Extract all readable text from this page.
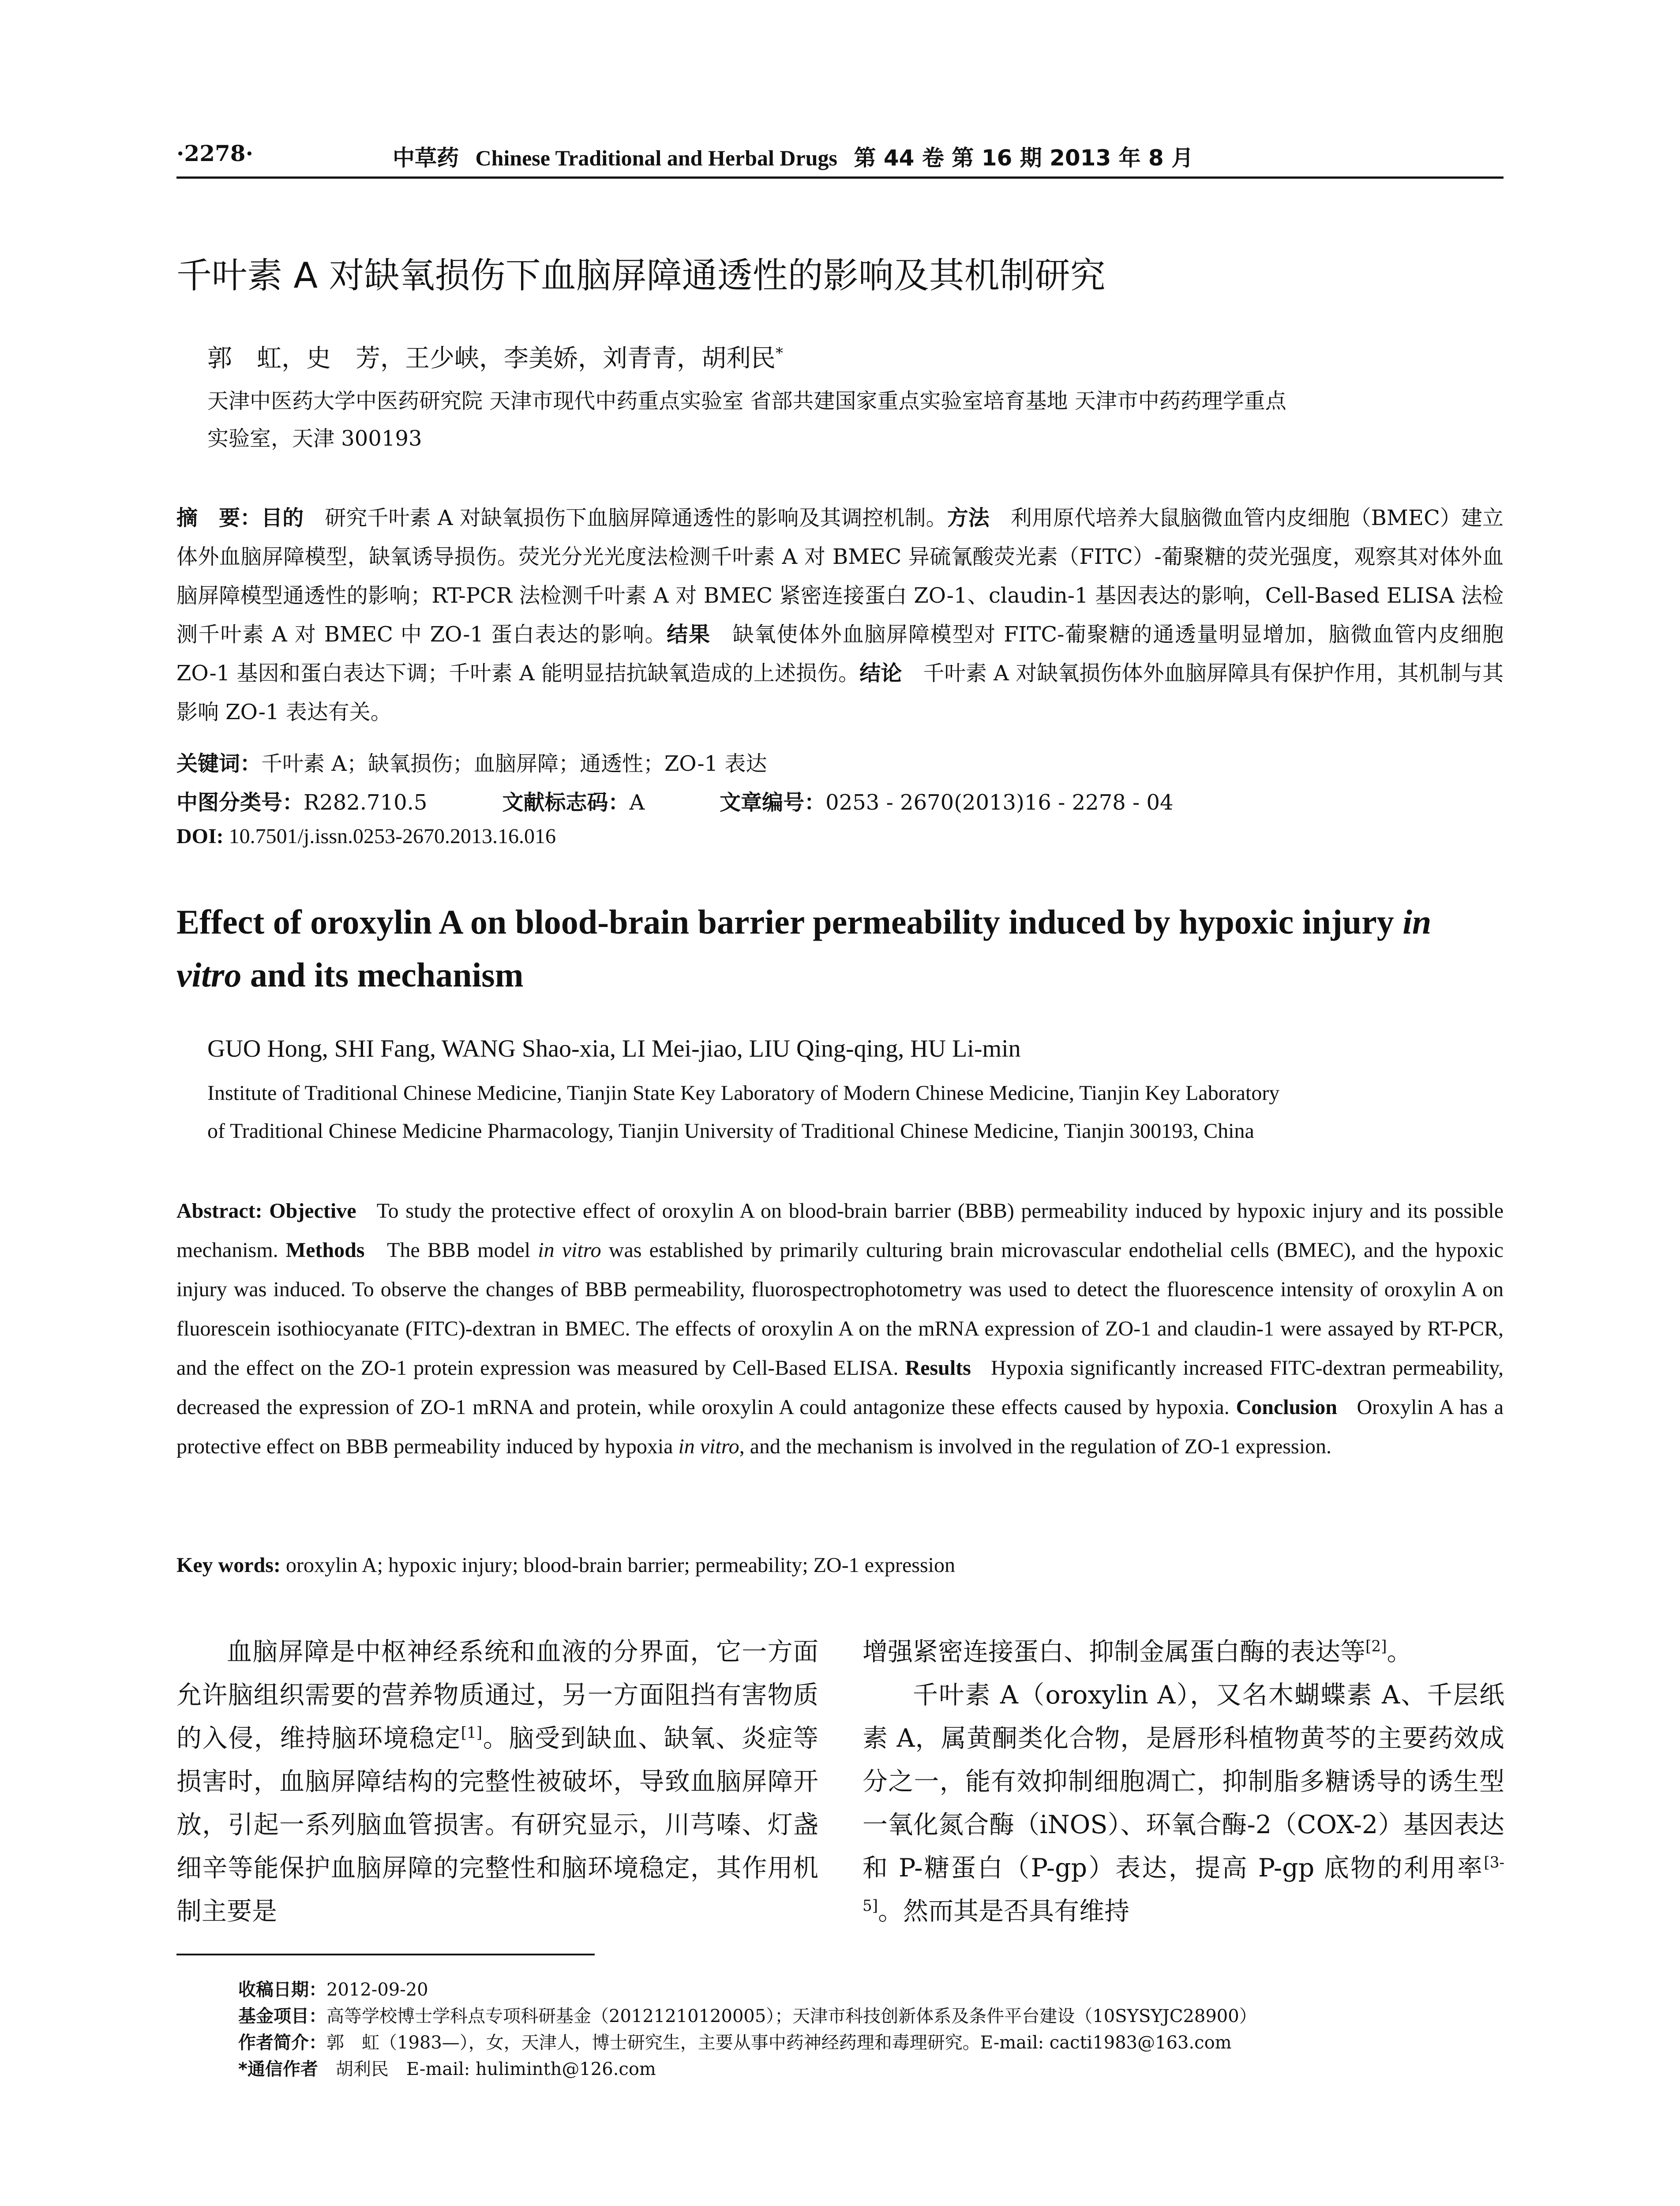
·2278·	中草药 Chinese Traditional and Herbal Drugs 第 44 卷 第 16 期 2013 年 8 月
千叶素 A 对缺氧损伤下血脑屏障通透性的影响及其机制研究
郭　虹，史　芳，王少峡，李美娇，刘青青，胡利民*
天津中医药大学中医药研究院 天津市现代中药重点实验室 省部共建国家重点实验室培育基地 天津市中药药理学重点
实验室，天津 300193
摘　要：目的　 研究千叶素 A 对缺氧损伤下血脑屏障通透性的影响及其调控机制。方法　 利用原代培养大鼠脑微血管内皮细胞（BMEC）建立体外血脑屏障模型，缺氧诱导损伤。荧光分光光度法检测千叶素 A 对 BMEC 异硫氰酸荧光素（FITC）-葡聚糖的荧光强度，观察其对体外血脑屏障模型通透性的影响；RT-PCR 法检测千叶素 A 对 BMEC 紧密连接蛋白 ZO-1、claudin-1 基因表达的影响，Cell-Based ELISA 法检测千叶素 A 对 BMEC 中 ZO-1 蛋白表达的影响。结果　 缺氧使体外血脑屏障模型对 FITC-葡聚糖的通透量明显增加，脑微血管内皮细胞 ZO-1 基因和蛋白表达下调；千叶素 A 能明显拮抗缺氧造成的上述损伤。结论　 千叶素 A 对缺氧损伤体外血脑屏障具有保护作用，其机制与其影响 ZO-1 表达有关。
关键词：千叶素 A；缺氧损伤；血脑屏障；通透性；ZO-1 表达
中图分类号：R282.710.5	文献标志码：A	文章编号：0253 - 2670(2013)16 - 2278 - 04
DOI: 10.7501/j.issn.0253-2670.2013.16.016
Effect of oroxylin A on blood-brain barrier permeability induced by hypoxic injury in vitro and its mechanism
GUO Hong, SHI Fang, WANG Shao-xia, LI Mei-jiao, LIU Qing-qing, HU Li-min
Institute of Traditional Chinese Medicine, Tianjin State Key Laboratory of Modern Chinese Medicine, Tianjin Key Laboratory
of Traditional Chinese Medicine Pharmacology, Tianjin University of Traditional Chinese Medicine, Tianjin 300193, China
Abstract: Objective To study the protective effect of oroxylin A on blood-brain barrier (BBB) permeability induced by hypoxic injury and its possible mechanism. Methods The BBB model in vitro was established by primarily culturing brain microvascular endothelial cells (BMEC), and the hypoxic injury was induced. To observe the changes of BBB permeability, fluorospectrophotometry was used to detect the fluorescence intensity of oroxylin A on fluorescein isothiocyanate (FITC)-dextran in BMEC. The effects of oroxylin A on the mRNA expression of ZO-1 and claudin-1 were assayed by RT-PCR, and the effect on the ZO-1 protein expression was measured by Cell-Based ELISA. Results Hypoxia significantly increased FITC-dextran permeability, decreased the expression of ZO-1 mRNA and protein, while oroxylin A could antagonize these effects caused by hypoxia. Conclusion Oroxylin A has a protective effect on BBB permeability induced by hypoxia in vitro, and the mechanism is involved in the regulation of ZO-1 expression.
Key words: oroxylin A; hypoxic injury; blood-brain barrier; permeability; ZO-1 expression

血脑屏障是中枢神经系统和血液的分界面，它一方面允许脑组织需要的营养物质通过，另一方面阻挡有害物质的入侵，维持脑环境稳定[1]。脑受到缺血、缺氧、炎症等损害时，血脑屏障结构的完整性被破坏，导致血脑屏障开放，引起一系列脑血管损害。有研究显示，川芎嗪、灯盏细辛等能保护血脑屏障的完整性和脑环境稳定，其作用机制主要是

增强紧密连接蛋白、抑制金属蛋白酶的表达等[2]。

千叶素 A（oroxylin A），又名木蝴蝶素 A、千层纸素 A，属黄酮类化合物，是唇形科植物黄芩的主要药效成分之一，能有效抑制细胞凋亡，抑制脂多糖诱导的诱生型一氧化氮合酶（iNOS）、环氧合酶-2（COX-2）基因表达和 P-糖蛋白（P-gp）表达，提高 P-gp 底物的利用率[3-5]。然而其是否具有维持

收稿日期：2012-09-20
基金项目：高等学校博士学科点专项科研基金（20121210120005）；天津市科技创新体系及条件平台建设（10SYSYJC28900）
作者简介：郭　虹（1983—），女，天津人，博士研究生，主要从事中药神经药理和毒理研究。E-mail: cacti1983@163.com
*通信作者　 胡利民　E-mail: huliminth@126.com
